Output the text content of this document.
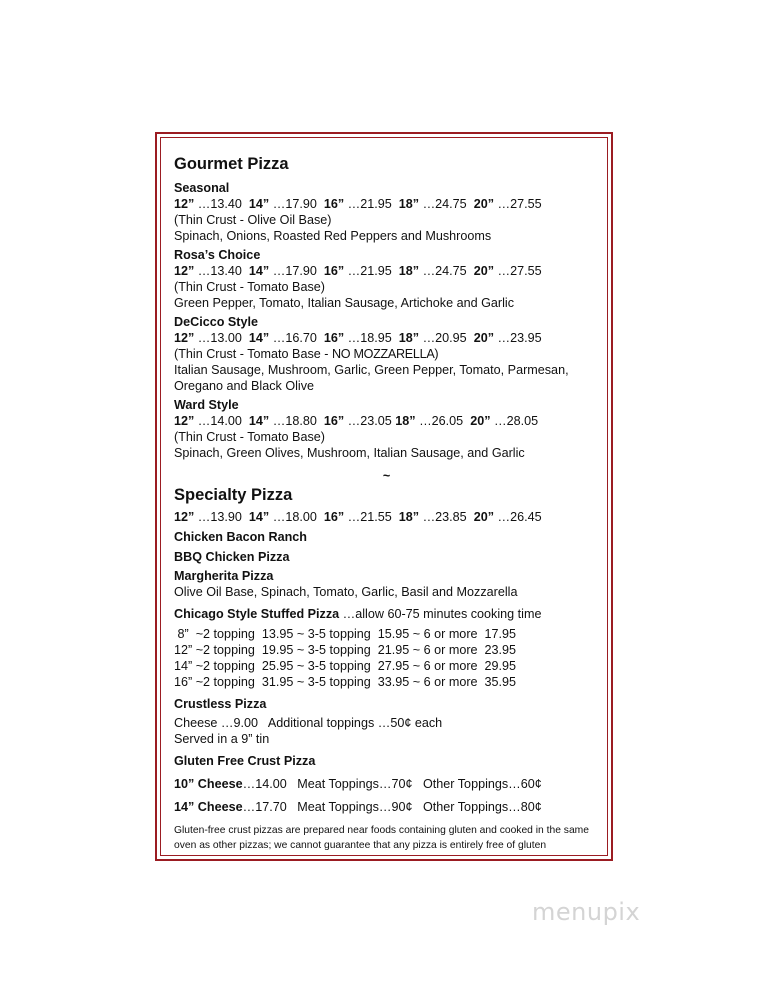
Gourmet Pizza
Seasonal
12” …13.40  14” …17.90  16” …21.95  18” …24.75  20” …27.55
(Thin Crust - Olive Oil Base)
Spinach, Onions, Roasted Red Peppers and Mushrooms
Rosa’s Choice
12” …13.40  14” …17.90  16” …21.95  18” …24.75  20” …27.55
(Thin Crust - Tomato Base)
Green Pepper, Tomato, Italian Sausage, Artichoke and Garlic
DeCicco Style
12” …13.00  14” …16.70  16” …18.95  18” …20.95  20” …23.95
(Thin Crust - Tomato Base - NO MOZZARELLA)
Italian Sausage, Mushroom, Garlic, Green Pepper, Tomato, Parmesan, Oregano and Black Olive
Ward Style
12” …14.00  14” …18.80  16” …23.05 18” …26.05  20” …28.05
(Thin Crust - Tomato Base)
Spinach, Green Olives, Mushroom, Italian Sausage, and Garlic
~
Specialty Pizza
12” …13.90  14” …18.00  16” …21.55  18” …23.85  20” …26.45
Chicken Bacon Ranch
BBQ Chicken Pizza
Margherita Pizza
Olive Oil Base, Spinach, Tomato, Garlic, Basil and Mozzarella
Chicago Style Stuffed Pizza …allow 60-75 minutes cooking time
8”  ~2 topping  13.95 ~ 3-5 topping  15.95 ~ 6 or more  17.95
12” ~2 topping  19.95 ~ 3-5 topping  21.95 ~ 6 or more  23.95
14” ~2 topping  25.95 ~ 3-5 topping  27.95 ~ 6 or more  29.95
16” ~2 topping  31.95 ~ 3-5 topping  33.95 ~ 6 or more  35.95
Crustless Pizza
Cheese …9.00   Additional toppings …50¢ each
Served in a 9” tin
Gluten Free Crust Pizza
10” Cheese…14.00   Meat Toppings…70¢   Other Toppings…60¢
14” Cheese…17.70   Meat Toppings…90¢   Other Toppings…80¢
Gluten-free crust pizzas are prepared near foods containing gluten and cooked in the same oven as other pizzas; we cannot guarantee that any pizza is entirely free of gluten
menupix
